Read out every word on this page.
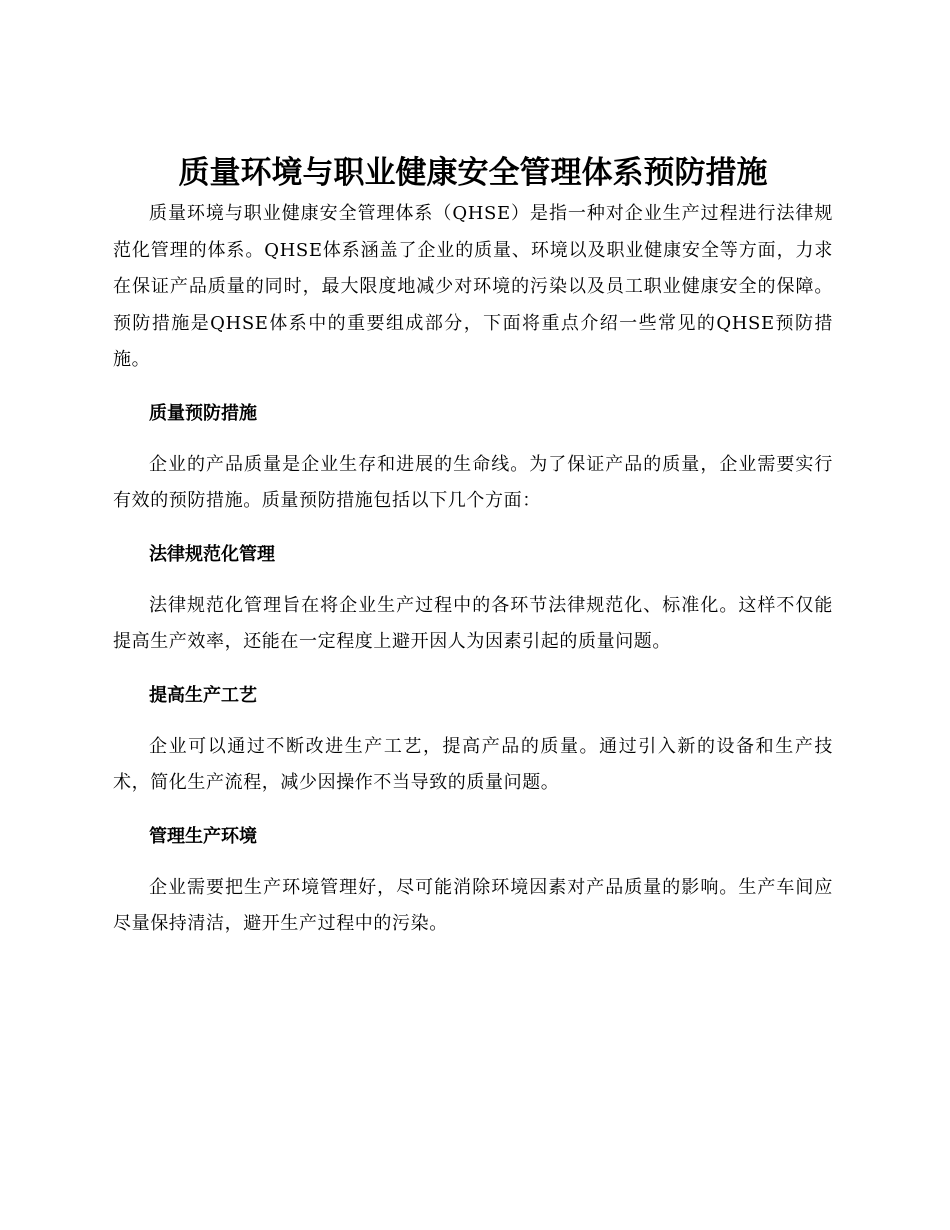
质量环境与职业健康安全管理体系预防措施

质量环境与职业健康安全管理体系（QHSE）是指一种对企业生产过程进行法律规范化管理的体系。QHSE体系涵盖了企业的质量、环境以及职业健康安全等方面，力求在保证产品质量的同时，最大限度地减少对环境的污染以及员工职业健康安全的保障。预防措施是QHSE体系中的重要组成部分，下面将重点介绍一些常见的QHSE预防措施。

质量预防措施

企业的产品质量是企业生存和进展的生命线。为了保证产品的质量，企业需要实行有效的预防措施。质量预防措施包括以下几个方面：

法律规范化管理

法律规范化管理旨在将企业生产过程中的各环节法律规范化、标准化。这样不仅能提高生产效率，还能在一定程度上避开因人为因素引起的质量问题。

提高生产工艺

企业可以通过不断改进生产工艺，提高产品的质量。通过引入新的设备和生产技术，简化生产流程，减少因操作不当导致的质量问题。

管理生产环境

企业需要把生产环境管理好，尽可能消除环境因素对产品质量的影响。生产车间应尽量保持清洁，避开生产过程中的污染。
